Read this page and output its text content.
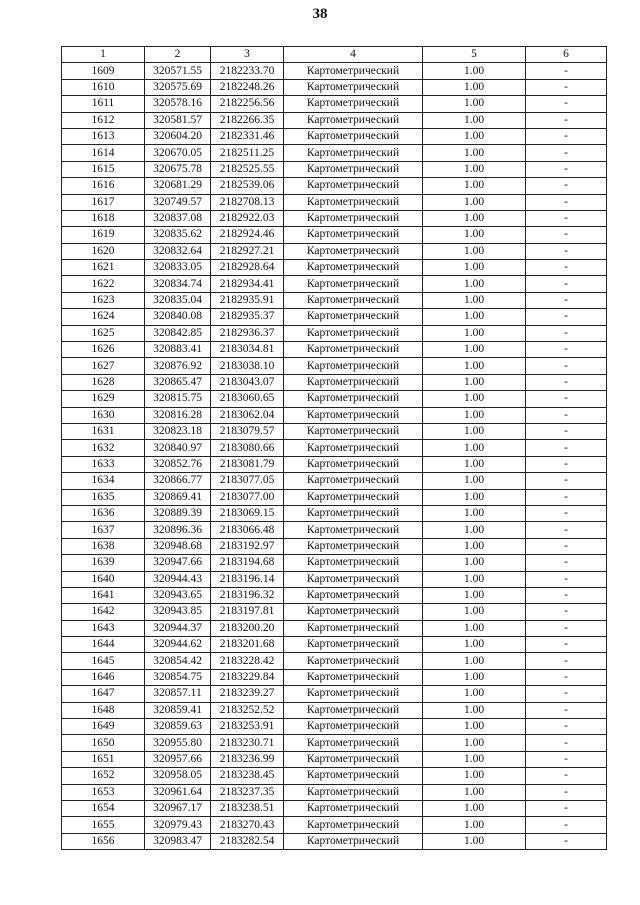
38
1	2	3	4	5	6
1609	320571.55	2182233.70	Картометрический	1.00	-
1610	320575.69	2182248.26	Картометрический	1.00	-
1611	320578.16	2182256.56	Картометрический	1.00	-
1612	320581.57	2182266.35	Картометрический	1.00	-
1613	320604.20	2182331.46	Картометрический	1.00	-
1614	320670.05	2182511.25	Картометрический	1.00	-
1615	320675.78	2182525.55	Картометрический	1.00	-
1616	320681.29	2182539.06	Картометрический	1.00	-
1617	320749.57	2182708.13	Картометрический	1.00	-
1618	320837.08	2182922.03	Картометрический	1.00	-
1619	320835.62	2182924.46	Картометрический	1.00	-
1620	320832.64	2182927.21	Картометрический	1.00	-
1621	320833.05	2182928.64	Картометрический	1.00	-
1622	320834.74	2182934.41	Картометрический	1.00	-
1623	320835.04	2182935.91	Картометрический	1.00	-
1624	320840.08	2182935.37	Картометрический	1.00	-
1625	320842.85	2182936.37	Картометрический	1.00	-
1626	320883.41	2183034.81	Картометрический	1.00	-
1627	320876.92	2183038.10	Картометрический	1.00	-
1628	320865.47	2183043.07	Картометрический	1.00	-
1629	320815.75	2183060.65	Картометрический	1.00	-
1630	320816.28	2183062.04	Картометрический	1.00	-
1631	320823.18	2183079.57	Картометрический	1.00	-
1632	320840.97	2183080.66	Картометрический	1.00	-
1633	320852.76	2183081.79	Картометрический	1.00	-
1634	320866.77	2183077.05	Картометрический	1.00	-
1635	320869.41	2183077.00	Картометрический	1.00	-
1636	320889.39	2183069.15	Картометрический	1.00	-
1637	320896.36	2183066.48	Картометрический	1.00	-
1638	320948.68	2183192.97	Картометрический	1.00	-
1639	320947.66	2183194.68	Картометрический	1.00	-
1640	320944.43	2183196.14	Картометрический	1.00	-
1641	320943.65	2183196.32	Картометрический	1.00	-
1642	320943.85	2183197.81	Картометрический	1.00	-
1643	320944.37	2183200.20	Картометрический	1.00	-
1644	320944.62	2183201.68	Картометрический	1.00	-
1645	320854.42	2183228.42	Картометрический	1.00	-
1646	320854.75	2183229.84	Картометрический	1.00	-
1647	320857.11	2183239.27	Картометрический	1.00	-
1648	320859.41	2183252.52	Картометрический	1.00	-
1649	320859.63	2183253.91	Картометрический	1.00	-
1650	320955.80	2183230.71	Картометрический	1.00	-
1651	320957.66	2183236.99	Картометрический	1.00	-
1652	320958.05	2183238.45	Картометрический	1.00	-
1653	320961.64	2183237.35	Картометрический	1.00	-
1654	320967.17	2183238.51	Картометрический	1.00	-
1655	320979.43	2183270.43	Картометрический	1.00	-
1656	320983.47	2183282.54	Картометрический	1.00	-
